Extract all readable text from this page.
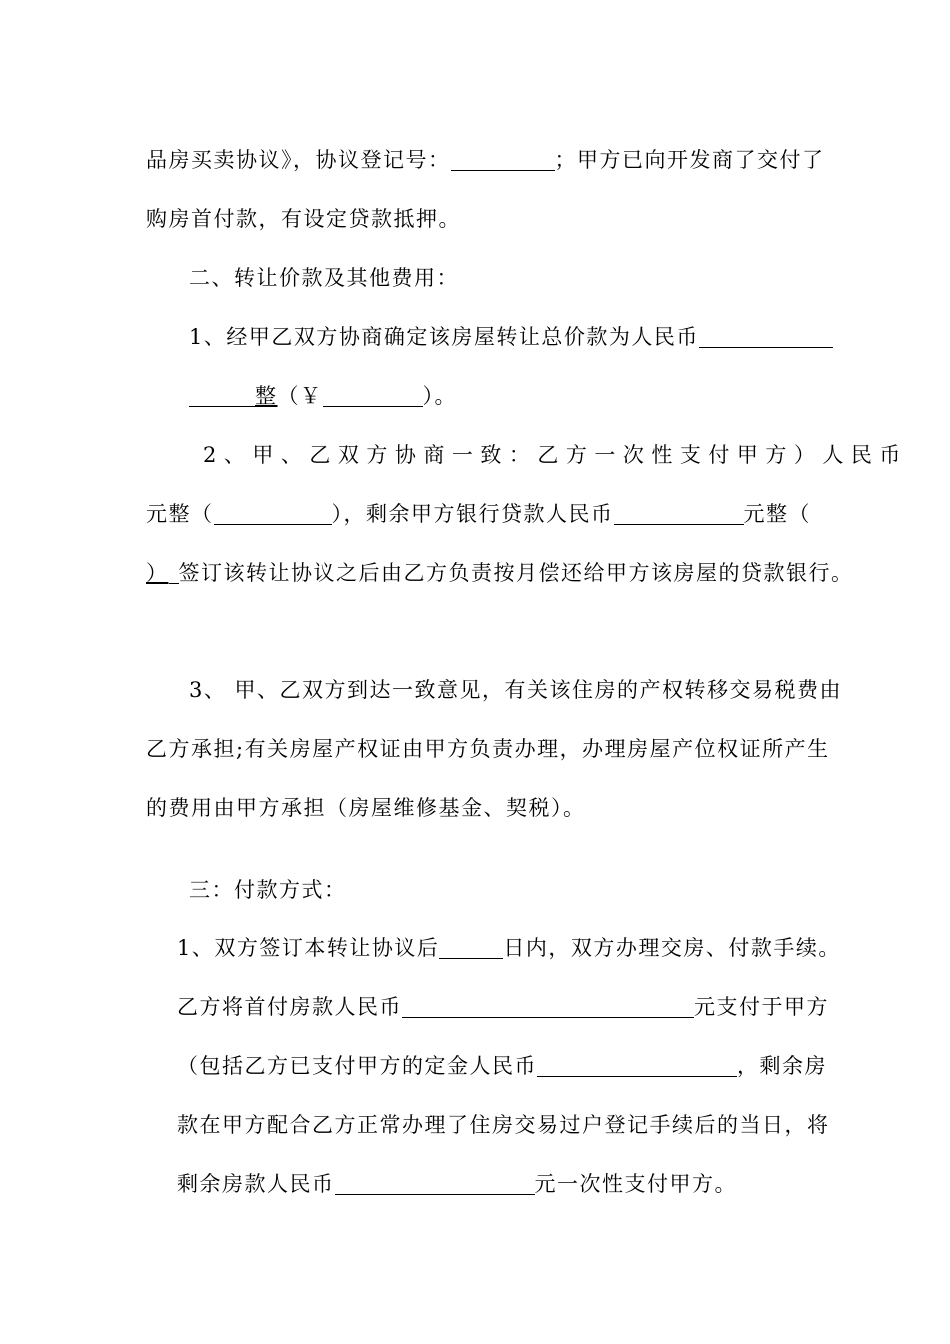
品房买卖协议》，协议登记号：	；甲方已向开发商了交付了
购房首付款，有设定贷款抵押。
二、转让价款及其他费用：
1、经甲乙双方协商确定该房屋转让总价款为人民币
整（￥	）。
2、甲、乙双方协商一致：乙方一次性支付甲方）人民币
元整（	），剩余甲方银行贷款人民币	元整（
） 签订该转让协议之后由乙方负责按月偿还给甲方该房屋的贷款银行。
3、 甲、乙双方到达一致意见，有关该住房的产权转移交易税费由
乙方承担;有关房屋产权证由甲方负责办理，办理房屋产位权证所产生
的费用由甲方承担（房屋维修基金、契税）。
三：付款方式：
1、双方签订本转让协议后	日内，双方办理交房、付款手续。
乙方将首付房款人民币	元支付于甲方
（包括乙方已支付甲方的定金人民币	，剩余房
款在甲方配合乙方正常办理了住房交易过户登记手续后的当日，将
剩余房款人民币	元一次性支付甲方。
